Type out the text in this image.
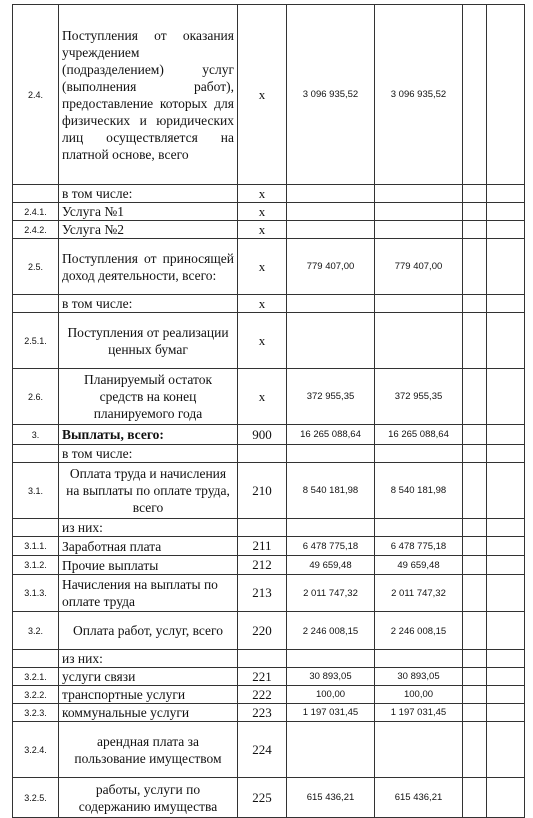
2.4.	Поступления от оказания учреждением (подразделением) услуг (выполнения работ), предоставление которых для физических и юридических лиц осуществляется на платной основе, всего	х	3 096 935,52	3 096 935,52		
	в том числе:	х				
2.4.1.	Услуга №1	х				
2.4.2.	Услуга №2	х				
2.5.	Поступления от приносящей доход деятельности, всего:	х	779 407,00	779 407,00		
	в том числе:	х				
2.5.1.	Поступления от реализации ценных бумаг	х				
2.6.	Планируемый остаток средств на конец планируемого года	х	372 955,35	372 955,35		
3.	Выплаты, всего:	900	16 265 088,64	16 265 088,64		
	в том числе:					
3.1.	Оплата труда и начисления на выплаты по оплате труда, всего	210	8 540 181,98	8 540 181,98		
	из них:					
3.1.1.	Заработная плата	211	6 478 775,18	6 478 775,18		
3.1.2.	Прочие выплаты	212	49 659,48	49 659,48		
3.1.3.	Начисления на выплаты по оплате труда	213	2 011 747,32	2 011 747,32		
3.2.	Оплата работ, услуг, всего	220	2 246 008,15	2 246 008,15		
	из них:					
3.2.1.	услуги связи	221	30 893,05	30 893,05		
3.2.2.	транспортные услуги	222	100,00	100,00		
3.2.3.	коммунальные услуги	223	1 197 031,45	1 197 031,45		
3.2.4.	арендная плата за пользование имуществом	224				
3.2.5.	работы, услуги по содержанию имущества	225	615 436,21	615 436,21		
